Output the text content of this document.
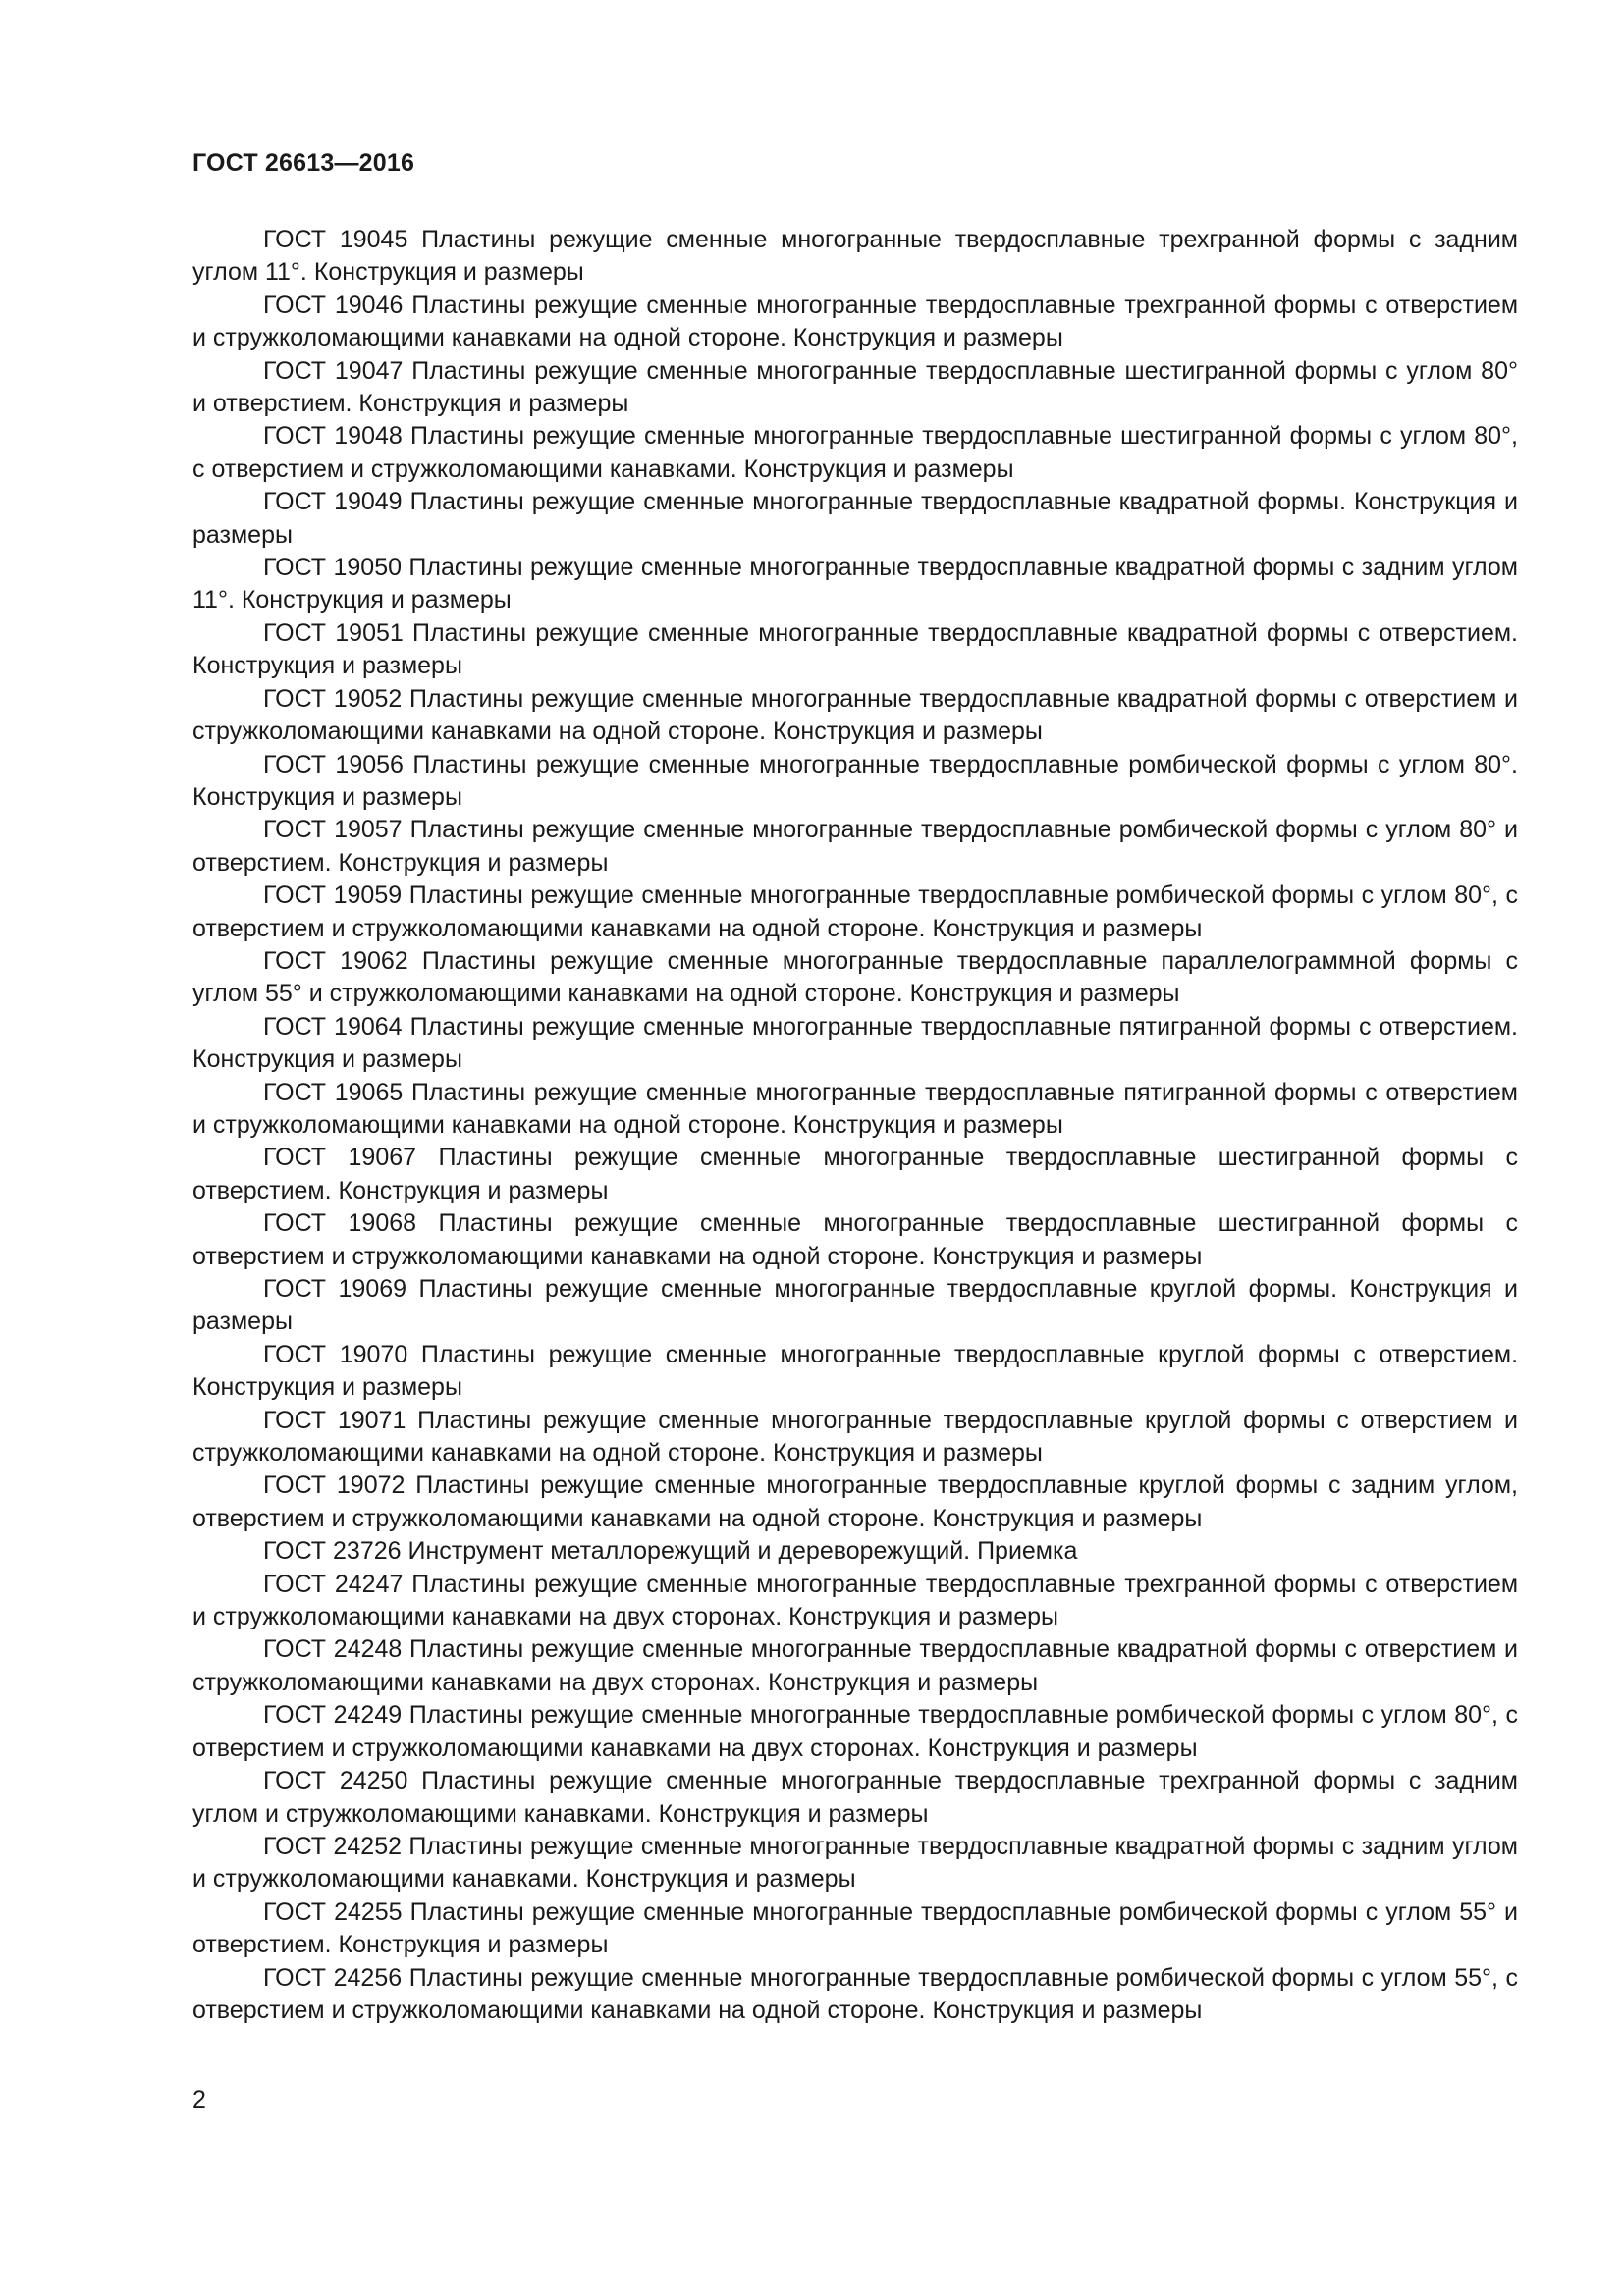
ГОСТ 26613—2016
ГОСТ 19045 Пластины режущие сменные многогранные твердосплавные трехгранной формы с задним углом 11°. Конструкция и размеры
ГОСТ 19046 Пластины режущие сменные многогранные твердосплавные трехгранной формы с отверстием и стружколомающими канавками на одной стороне. Конструкция и размеры
ГОСТ 19047 Пластины режущие сменные многогранные твердосплавные шестигранной формы с углом 80° и отверстием. Конструкция и размеры
ГОСТ 19048 Пластины режущие сменные многогранные твердосплавные шестигранной формы с углом 80°, с отверстием и стружколомающими канавками. Конструкция и размеры
ГОСТ 19049 Пластины режущие сменные многогранные твердосплавные квадратной формы. Конструкция и размеры
ГОСТ 19050 Пластины режущие сменные многогранные твердосплавные квадратной формы с задним углом 11°. Конструкция и размеры
ГОСТ 19051 Пластины режущие сменные многогранные твердосплавные квадратной формы с отверстием. Конструкция и размеры
ГОСТ 19052 Пластины режущие сменные многогранные твердосплавные квадратной формы с отверстием и стружколомающими канавками на одной стороне. Конструкция и размеры
ГОСТ 19056 Пластины режущие сменные многогранные твердосплавные ромбической формы с углом 80°. Конструкция и размеры
ГОСТ 19057 Пластины режущие сменные многогранные твердосплавные ромбической формы с углом 80° и отверстием. Конструкция и размеры
ГОСТ 19059 Пластины режущие сменные многогранные твердосплавные ромбической формы с углом 80°, с отверстием и стружколомающими канавками на одной стороне. Конструкция и размеры
ГОСТ 19062 Пластины режущие сменные многогранные твердосплавные параллелограммной формы с углом 55° и стружколомающими канавками на одной стороне. Конструкция и размеры
ГОСТ 19064 Пластины режущие сменные многогранные твердосплавные пятигранной формы с отверстием. Конструкция и размеры
ГОСТ 19065 Пластины режущие сменные многогранные твердосплавные пятигранной формы с отверстием и стружколомающими канавками на одной стороне. Конструкция и размеры
ГОСТ 19067 Пластины режущие сменные многогранные твердосплавные шестигранной формы с отверстием. Конструкция и размеры
ГОСТ 19068 Пластины режущие сменные многогранные твердосплавные шестигранной формы с отверстием и стружколомающими канавками на одной стороне. Конструкция и размеры
ГОСТ 19069 Пластины режущие сменные многогранные твердосплавные круглой формы. Конструкция и размеры
ГОСТ 19070 Пластины режущие сменные многогранные твердосплавные круглой формы с отверстием. Конструкция и размеры
ГОСТ 19071 Пластины режущие сменные многогранные твердосплавные круглой формы с отверстием и стружколомающими канавками на одной стороне. Конструкция и размеры
ГОСТ 19072 Пластины режущие сменные многогранные твердосплавные круглой формы с задним углом, отверстием и стружколомающими канавками на одной стороне. Конструкция и размеры
ГОСТ 23726 Инструмент металлорежущий и дереворежущий. Приемка
ГОСТ 24247 Пластины режущие сменные многогранные твердосплавные трехгранной формы с отверстием и стружколомающими канавками на двух сторонах. Конструкция и размеры
ГОСТ 24248 Пластины режущие сменные многогранные твердосплавные квадратной формы с отверстием и стружколомающими канавками на двух сторонах. Конструкция и размеры
ГОСТ 24249 Пластины режущие сменные многогранные твердосплавные ромбической формы с углом 80°, с отверстием и стружколомающими канавками на двух сторонах. Конструкция и размеры
ГОСТ 24250 Пластины режущие сменные многогранные твердосплавные трехгранной формы с задним углом и стружколомающими канавками. Конструкция и размеры
ГОСТ 24252 Пластины режущие сменные многогранные твердосплавные квадратной формы с задним углом и стружколомающими канавками. Конструкция и размеры
ГОСТ 24255 Пластины режущие сменные многогранные твердосплавные ромбической формы с углом 55° и отверстием. Конструкция и размеры
ГОСТ 24256 Пластины режущие сменные многогранные твердосплавные ромбической формы с углом 55°, с отверстием и стружколомающими канавками на одной стороне. Конструкция и размеры
2
